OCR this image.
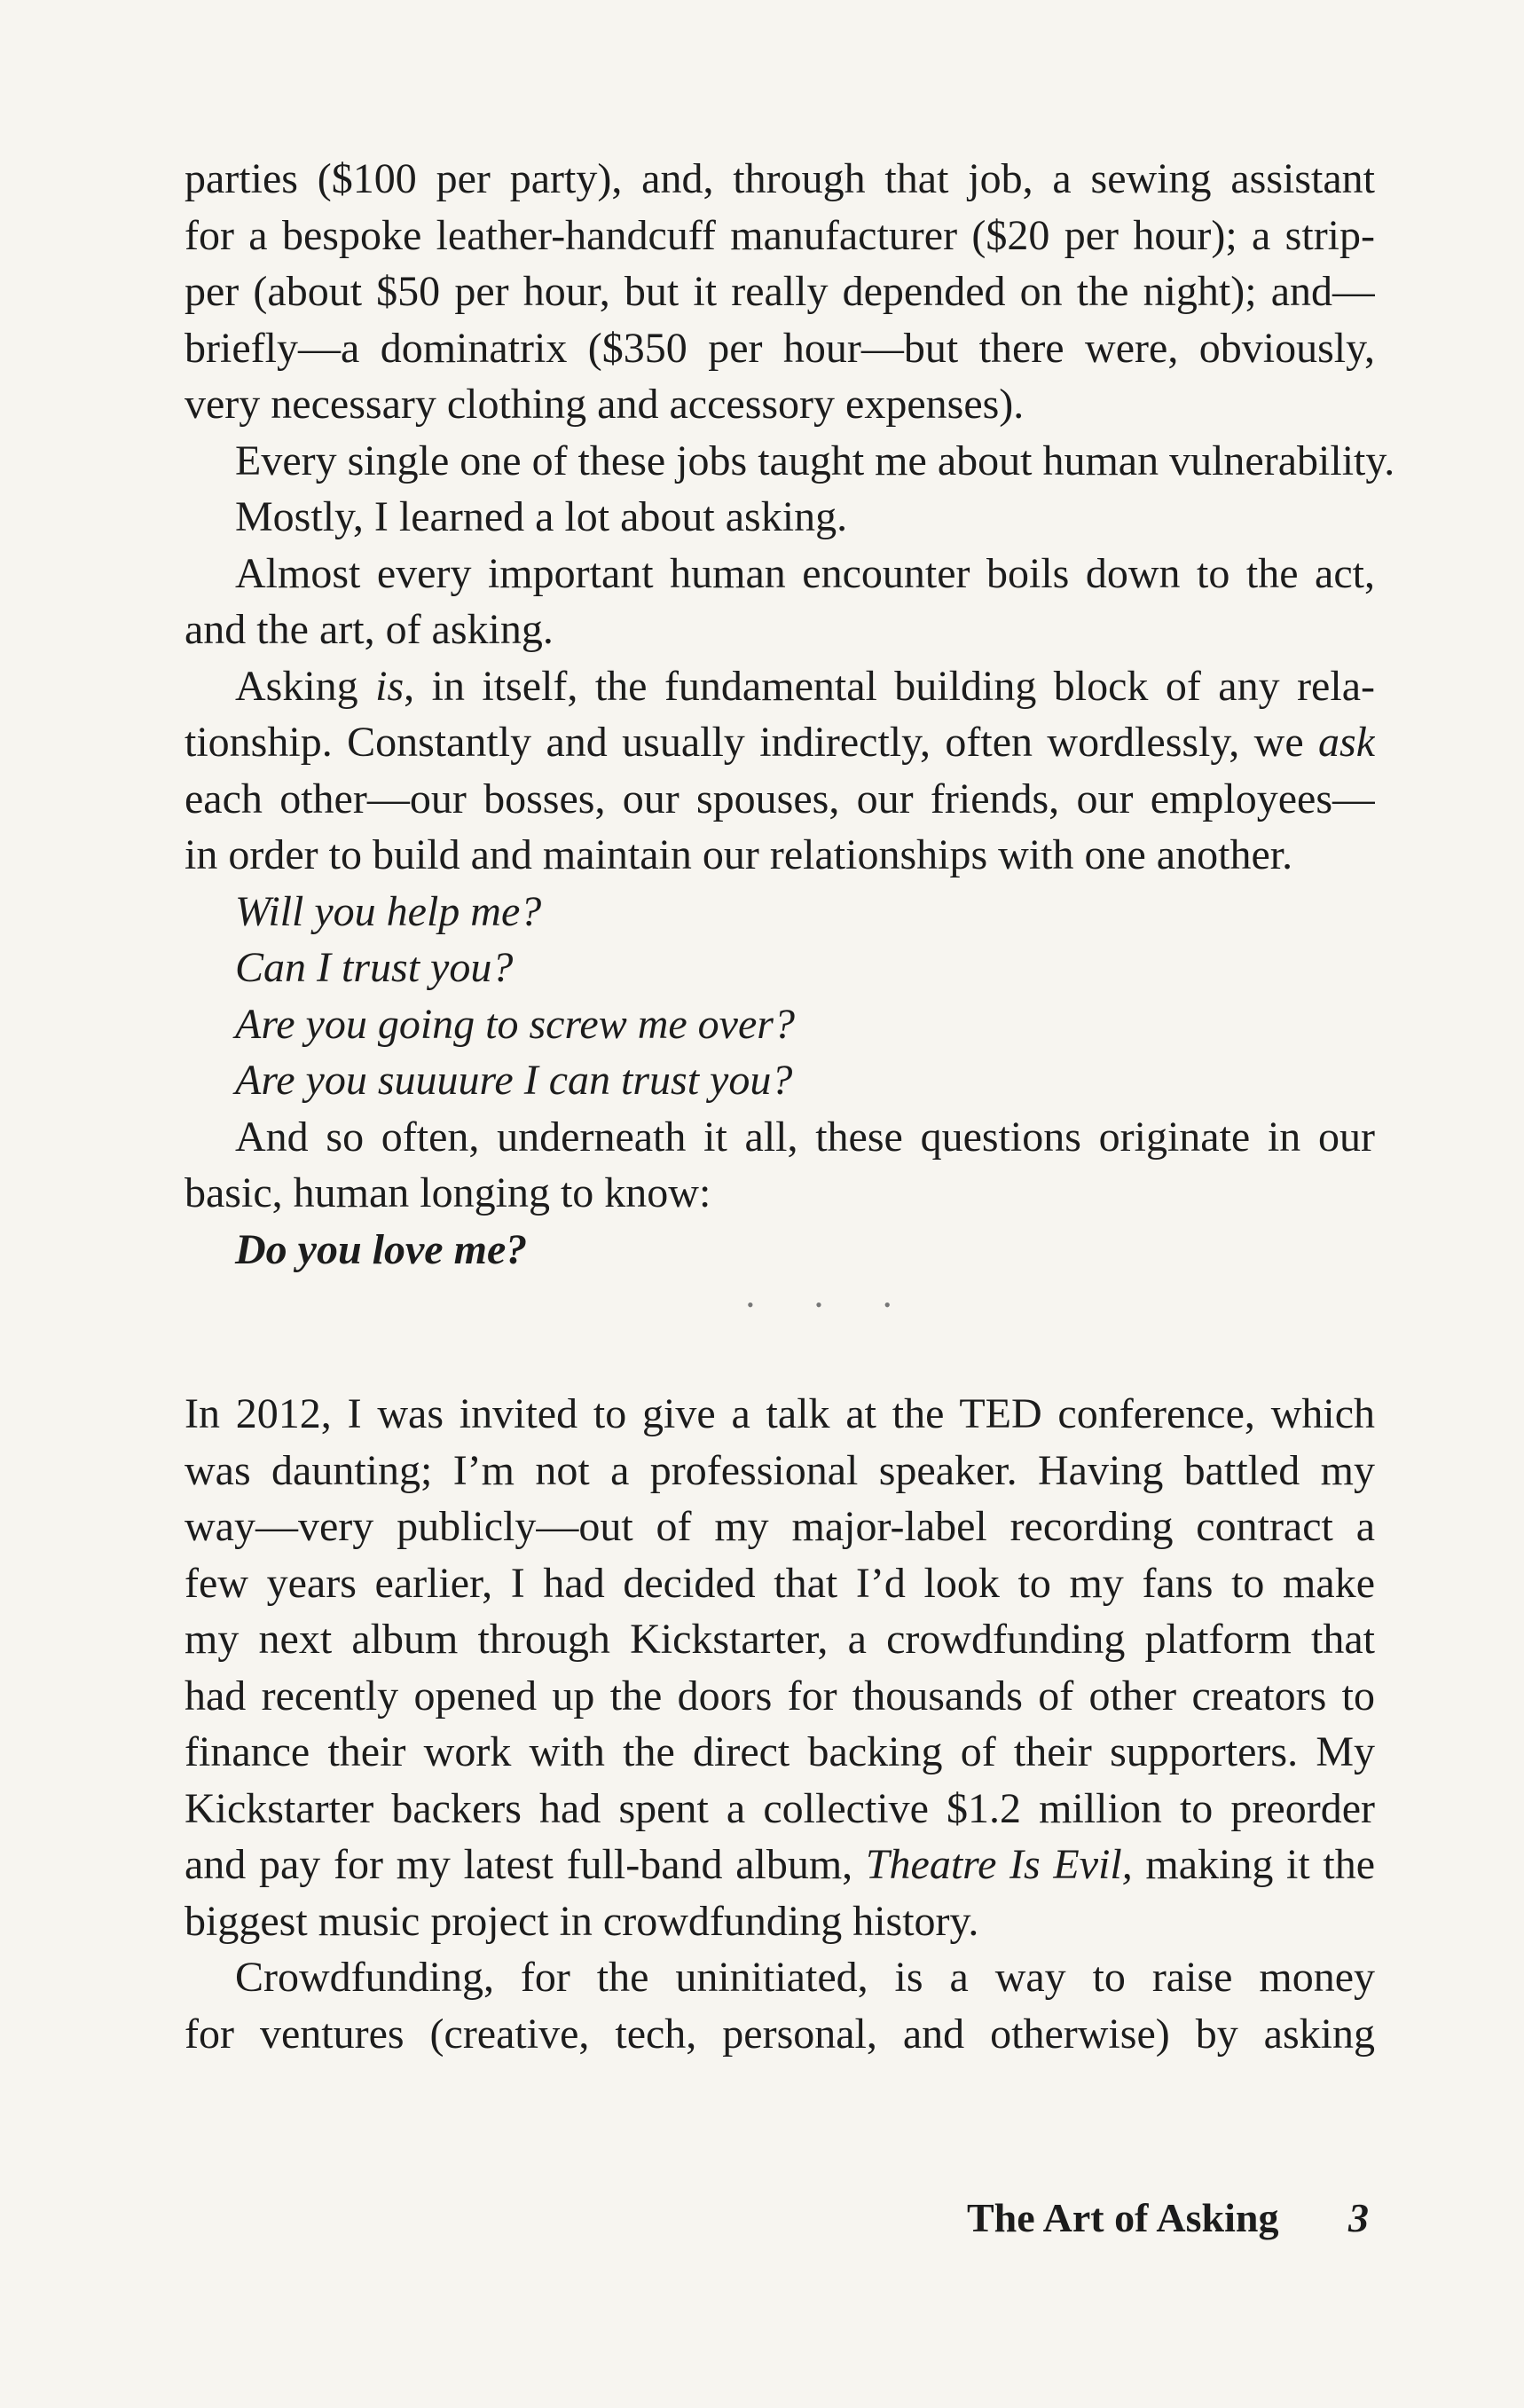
parties ($100 per party), and, through that job, a sewing assistant
for a bespoke leather-handcuff manufacturer ($20 per hour); a strip-
per (about $50 per hour, but it really depended on the night); and—
briefly—a dominatrix ($350 per hour—but there were, obviously,
very necessary clothing and accessory expenses).
Every single one of these jobs taught me about human vulnerability.
Mostly, I learned a lot about asking.
Almost every important human encounter boils down to the act,
and the art, of asking.
Asking is, in itself, the fundamental building block of any rela-
tionship. Constantly and usually indirectly, often wordlessly, we ask
each other—our bosses, our spouses, our friends, our employees—
in order to build and maintain our relationships with one another.
Will you help me?
Can I trust you?
Are you going to screw me over?
Are you suuuure I can trust you?
And so often, underneath it all, these questions originate in our
basic, human longing to know:
Do you love me?
• • •
In 2012, I was invited to give a talk at the TED conference, which
was daunting; I’m not a professional speaker. Having battled my
way—very publicly—out of my major-label recording contract a
few years earlier, I had decided that I’d look to my fans to make
my next album through Kickstarter, a crowdfunding platform that
had recently opened up the doors for thousands of other creators to
finance their work with the direct backing of their supporters. My
Kickstarter backers had spent a collective $1.2 million to preorder
and pay for my latest full-band album, Theatre Is Evil, making it the
biggest music project in crowdfunding history.
Crowdfunding, for the uninitiated, is a way to raise money
for ventures (creative, tech, personal, and otherwise) by asking
The Art of Asking 3
